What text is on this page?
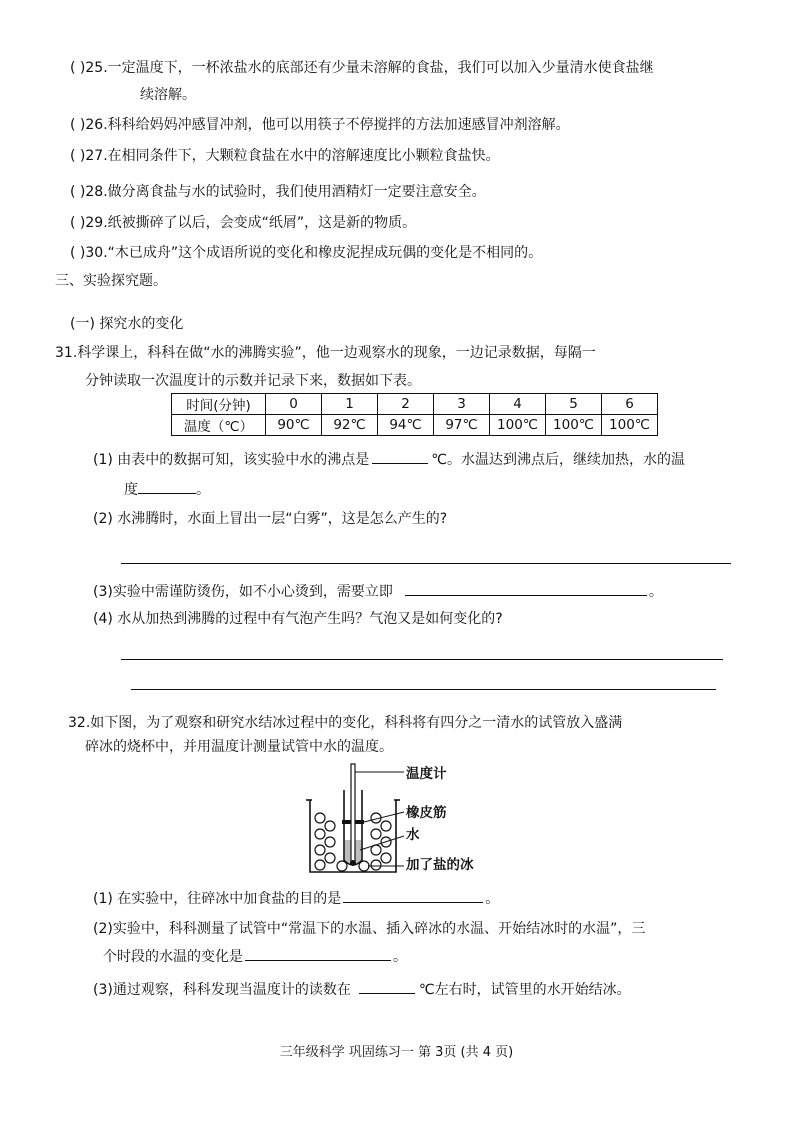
( )25.一定温度下，一杯浓盐水的底部还有少量未溶解的食盐，我们可以加入少量清水使食盐继
续溶解。
( )26.科科给妈妈冲感冒冲剂，他可以用筷子不停搅拌的方法加速感冒冲剂溶解。
( )27.在相同条件下，大颗粒食盐在水中的溶解速度比小颗粒食盐快。
( )28.做分离食盐与水的试验时，我们使用酒精灯一定要注意安全。
( )29.纸被撕碎了以后，会变成“纸屑”，这是新的物质。
( )30.“木已成舟”这个成语所说的变化和橡皮泥捏成玩偶的变化是不相同的。
三、实验探究题。
(一) 探究水的变化
31.科学课上，科科在做“水的沸腾实验”，他一边观察水的现象，一边记录数据，每隔一
分钟读取一次温度计的示数并记录下来，数据如下表。
时间(分钟)	0	1	2	3	4	5	6
温度（℃）	90℃	92℃	94℃	97℃	100℃	100℃	100℃
(1) 由表中的数据可知，该实验中水的沸点是	℃。水温达到沸点后，继续加热，水的温
度	。
(2) 水沸腾时，水面上冒出一层“白雾”，这是怎么产生的?
(3)实验中需谨防烫伤，如不小心烫到，需要立即	。
(4) 水从加热到沸腾的过程中有气泡产生吗？气泡又是如何变化的?
32.如下图，为了观察和研究水结冰过程中的变化，科科将有四分之一清水的试管放入盛满
碎冰的烧杯中，并用温度计测量试管中水的温度。
温度计
橡皮筋
水
加了盐的冰
(1) 在实验中，往碎冰中加食盐的目的是	。
(2)实验中，科科测量了试管中“常温下的水温、插入碎冰的水温、开始结冰时的水温”，三
个时段的水温的变化是	。
(3)通过观察，科科发现当温度计的读数在	℃左右时，试管里的水开始结冰。
三年级科学 巩固练习一 第 3页 (共 4 页)
